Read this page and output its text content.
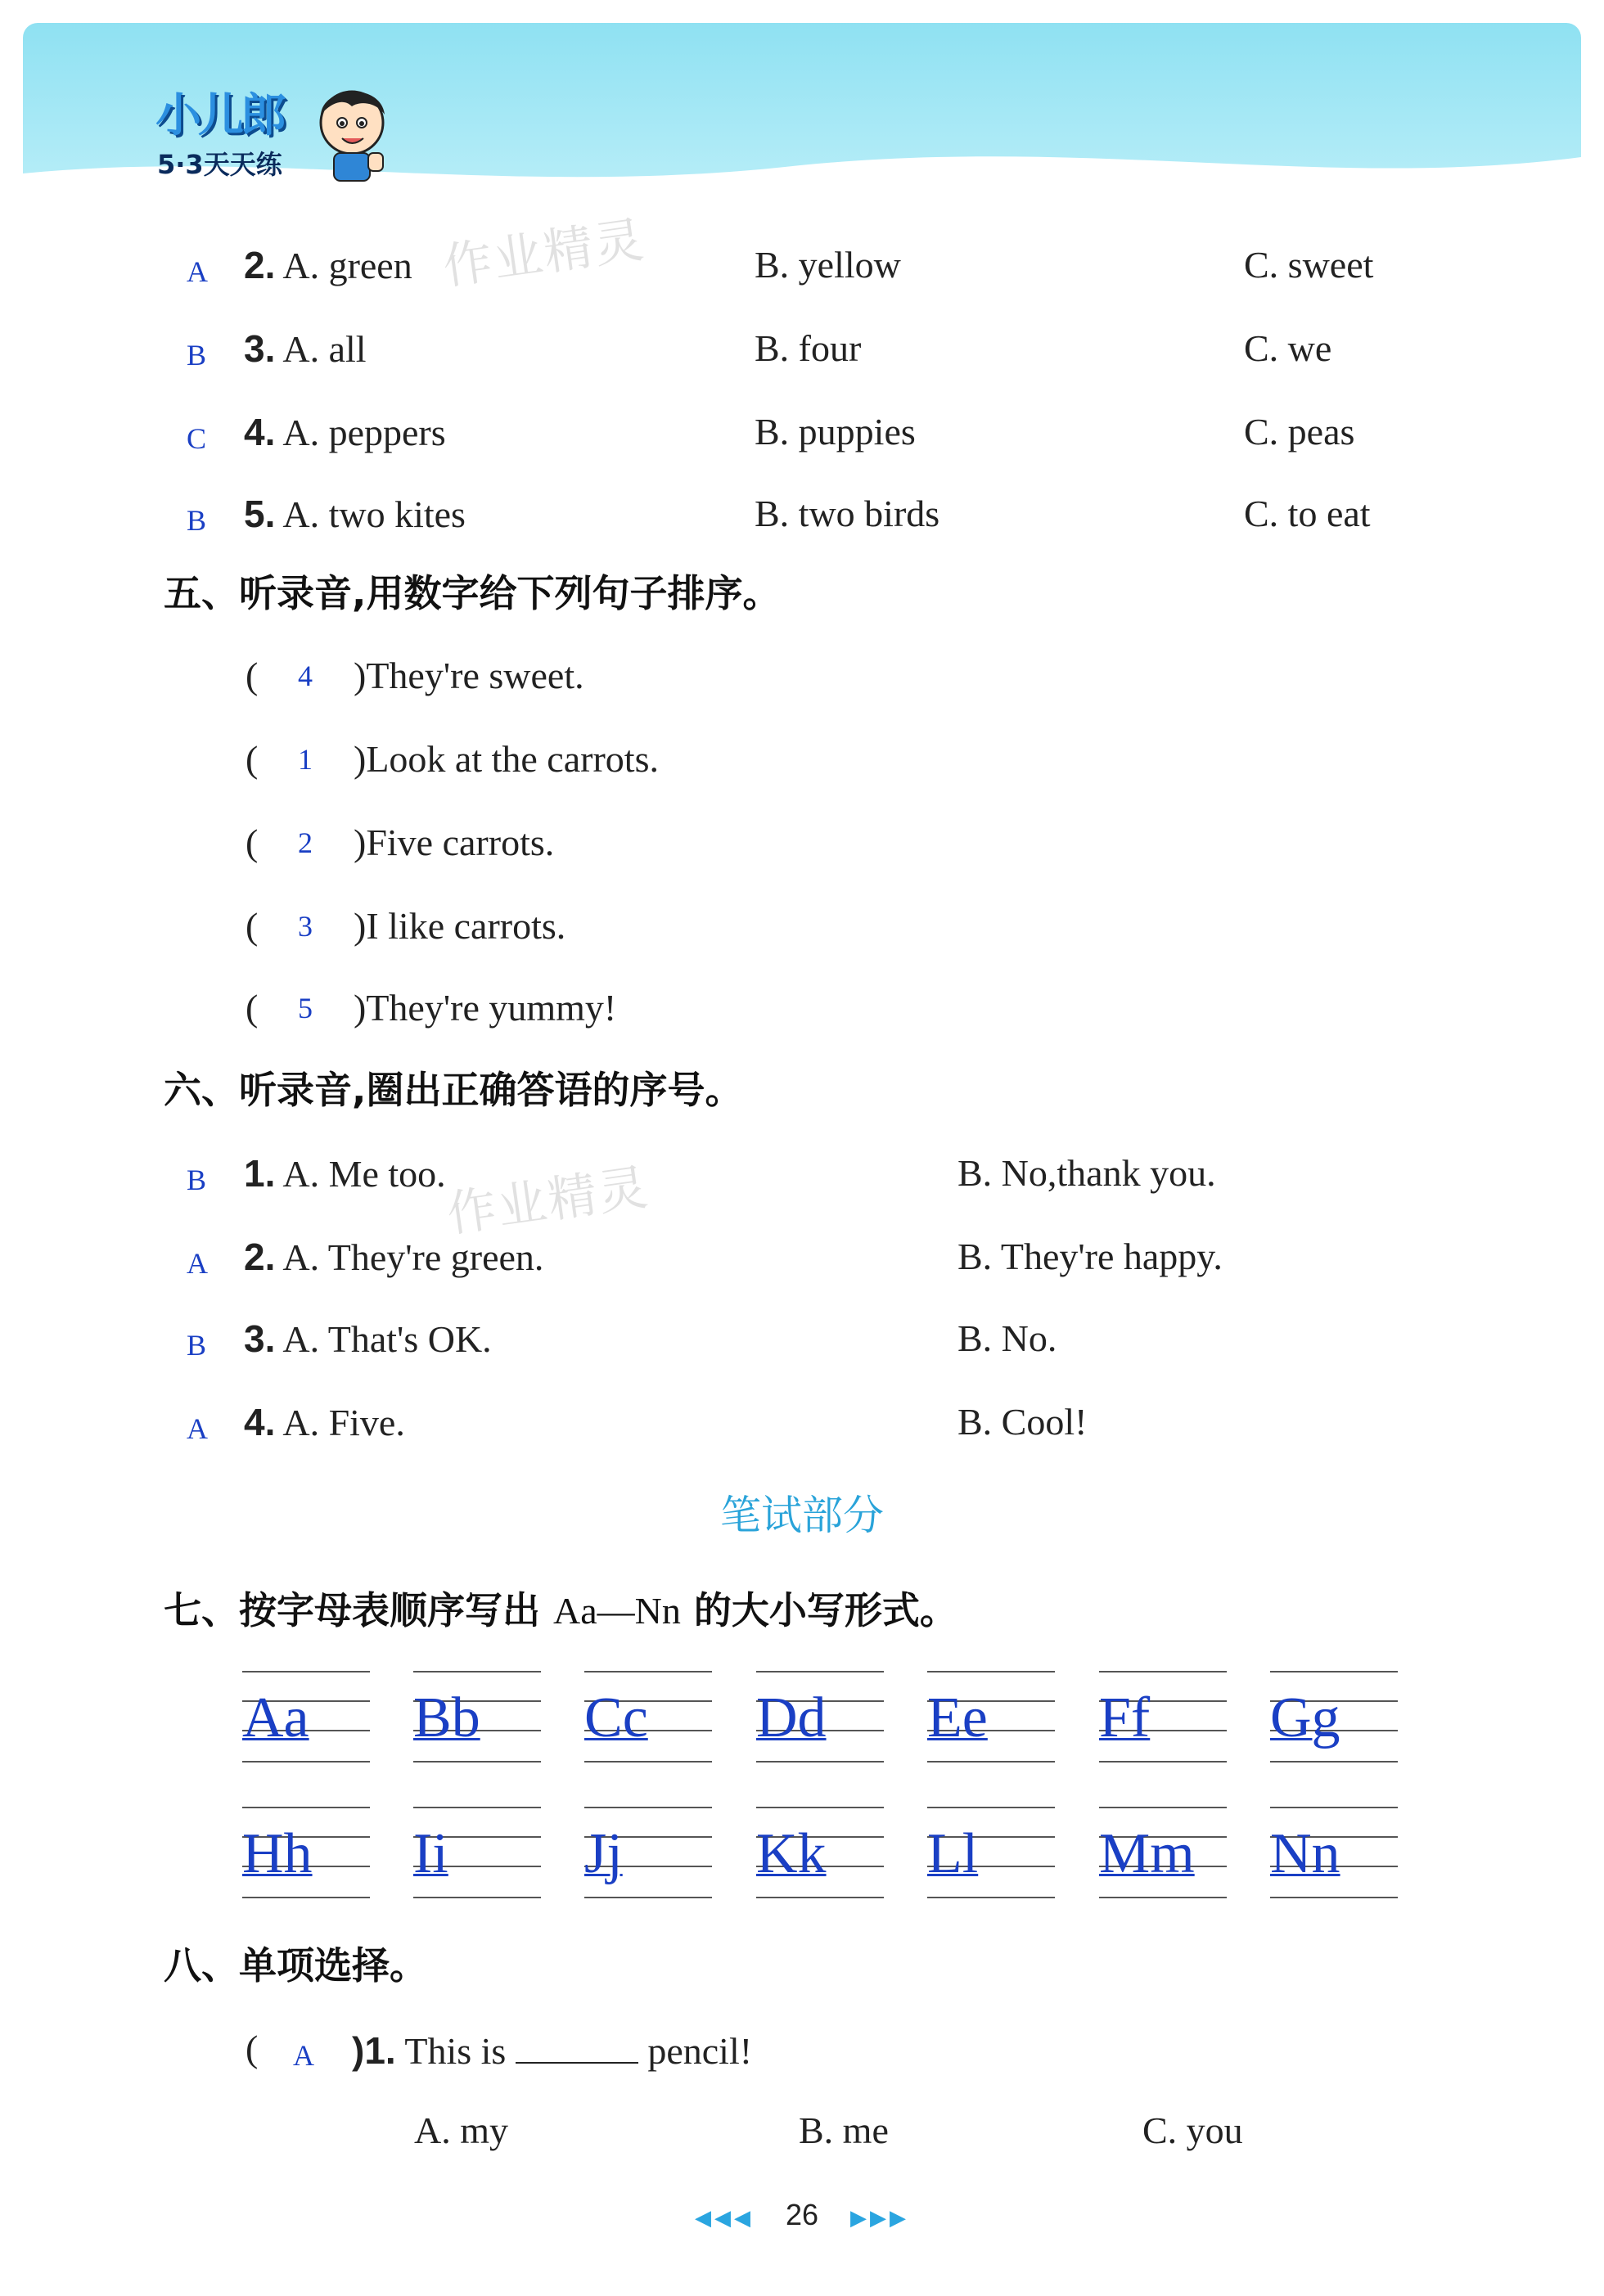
小儿郎
5·3天天练
作业精灵
作业精灵
A 2. A. green	B. yellow	C. sweet
B 3. A. all	B. four	C. we
C 4. A. peppers	B. puppies	C. peas
B 5. A. two kites	B. two birds	C. to eat
五、听录音,用数字给下列句子排序。
( 4 )They're sweet.
( 1 )Look at the carrots.
( 2 )Five carrots.
( 3 )I like carrots.
( 5 )They're yummy!
六、听录音,圈出正确答语的序号。
B 1. A. Me too.	B. No,thank you.
A 2. A. They're green.	B. They're happy.
B 3. A. That's OK.	B. No.
A 4. A. Five.	B. Cool!
笔试部分
七、按字母表顺序写出 Aa—Nn 的大小写形式。
Aa Bb Cc Dd Ee Ff Gg
Hh Ii Jj Kk Ll Mm Nn
八、单项选择。
( A )1. This is	pencil!
A. my	B. me	C. you
◀◀◀ 26 ▶▶▶
